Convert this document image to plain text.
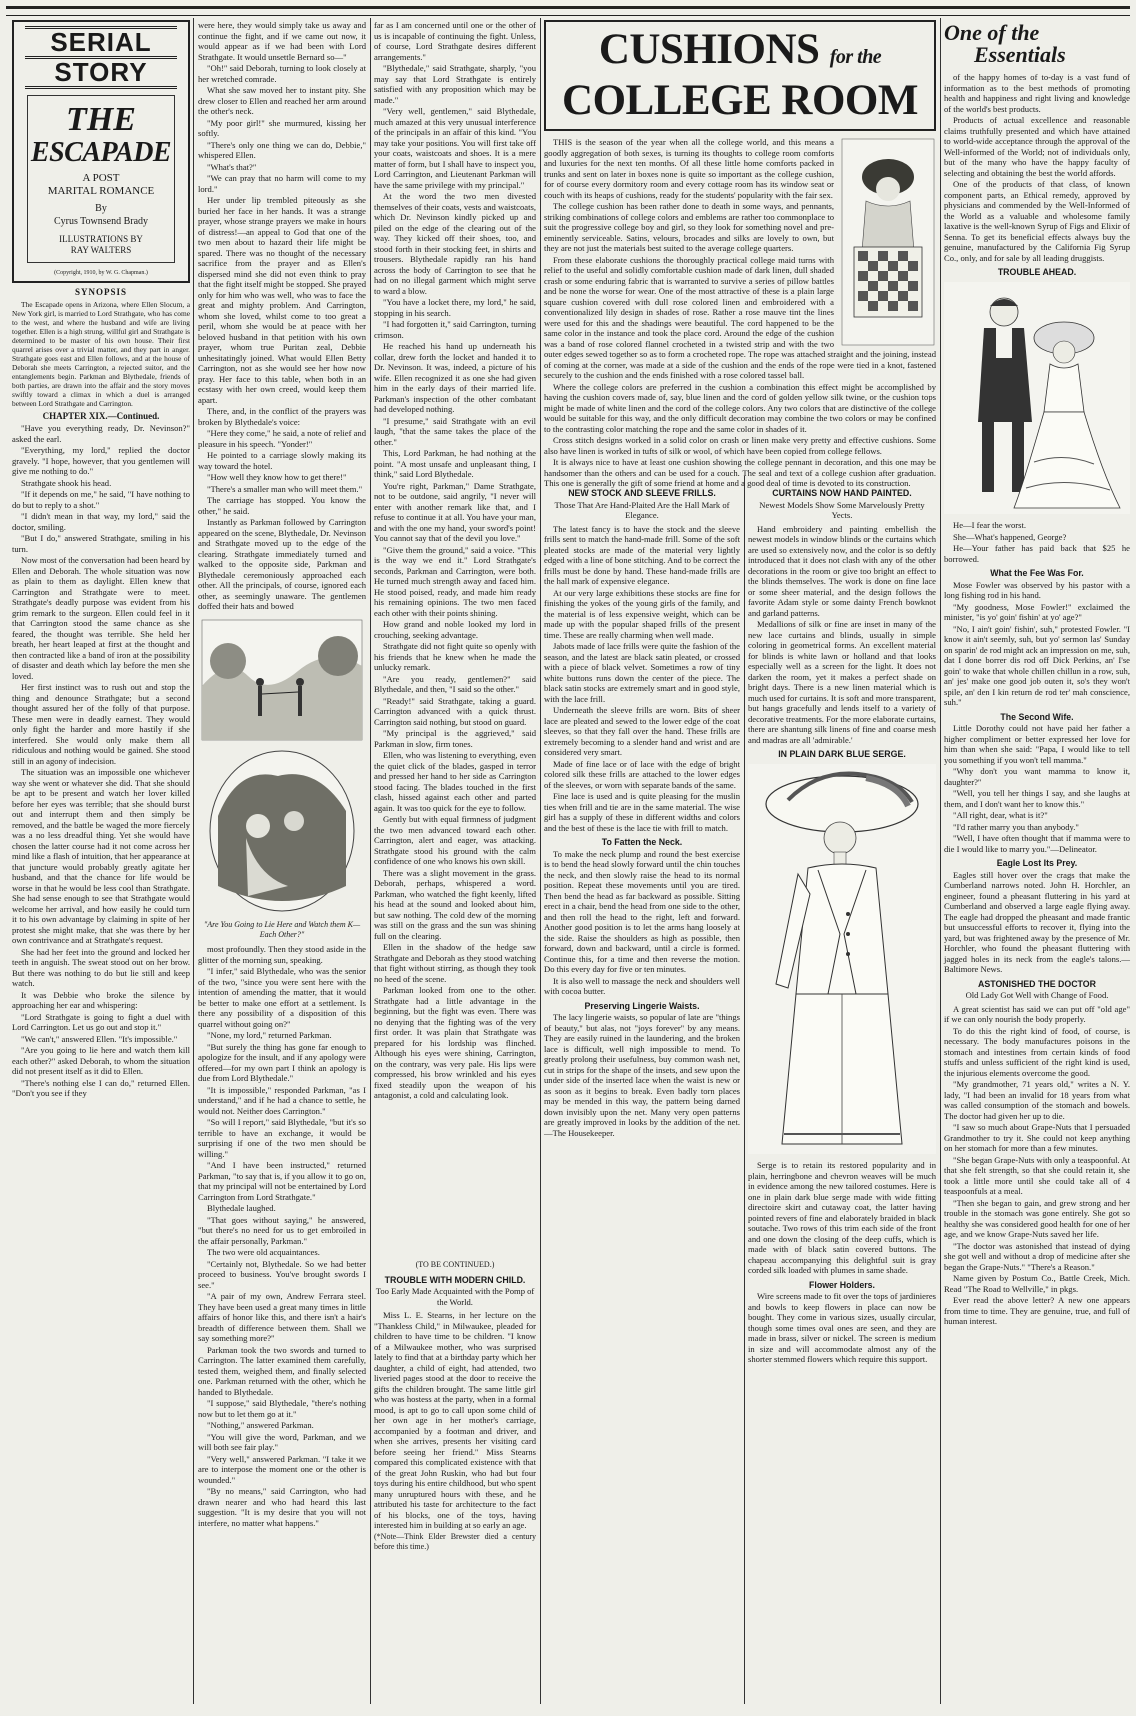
SERIAL
STORY
THE
ESCAPADE
A POST
MARITAL ROMANCE
By
Cyrus Townsend Brady
ILLUSTRATIONS BY
RAY WALTERS
(Copyright, 1910, by W. G. Chapman.)
SYNOPSIS

The Escapade opens in Arizona, where Ellen Slocum, a New York girl, is married to Lord Strathgate, who has come to the west, and where the husband and wife are living together. Ellen is a high strung, willful girl and Strathgate is determined to be master of his own house. Their first quarrel arises over a trivial matter, and they part in anger. Strathgate goes east and Ellen follows, and at the house of Deborah she meets Carrington, a rejected suitor, and the entanglements begin. Parkman and Blythedale, friends of both parties, are drawn into the affair and the story moves swiftly toward a climax in which a duel is arranged between Lord Strathgate and Carrington.

CHAPTER XIX.—Continued.

"Have you everything ready, Dr. Nevinson?" asked the earl.

"Everything, my lord," replied the doctor gravely. "I hope, however, that you gentlemen will give me nothing to do."

Strathgate shook his head.

"If it depends on me," he said, "I have nothing to do but to reply to a shot."

"I didn't mean in that way, my lord," said the doctor, smiling.

"But I do," answered Strathgate, smiling in his turn.

Now most of the conversation had been heard by Ellen and Deborah. The whole situation was now as plain to them as daylight. Ellen knew that Carrington and Strathgate were to meet. Strathgate's deadly purpose was evident from his grim remark to the surgeon. Ellen could feel in it that Carrington stood the same chance as she feared, the thought was terrible. She held her breath, her heart leaped at first at the thought and then contracted like a band of iron at the possibility of disaster and death which lay before the men she loved.

Her first instinct was to rush out and stop the thing and denounce Strathgate; but a second thought assured her of the folly of that purpose. These men were in deadly earnest. They would only fight the harder and more hastily if she interfered. She would only make them all ridiculous and nothing would be gained. She stood still in an agony of indecision.

The situation was an impossible one whichever way she went or whatever she did. That she should be apt to be present and watch her lover killed before her eyes was terrible; that she should burst out and interrupt them and then simply be removed, and the battle be waged the more fiercely was a no less dreadful thing. Yet she would have chosen the latter course had it not come across her mind like a flash of intuition, that her appearance at that juncture would probably greatly agitate her husband, and that the chance for life would be worse in that he would be less cool than Strathgate. She had sense enough to see that Strathgate would welcome her arrival, and how easily he could turn it to his own advantage by claiming in spite of her protest she might make, that she was there by her own contrivance and at Strathgate's request.

She had her feet into the ground and locked her teeth in anguish. The sweat stood out on her brow. But there was nothing to do but lie still and keep watch.

It was Debbie who broke the silence by approaching her ear and whispering:

"Lord Strathgate is going to fight a duel with Lord Carrington. Let us go out and stop it."

"We can't," answered Ellen. "It's impossible."

"Are you going to lie here and watch them kill each other?" asked Deborah, to whom the situation did not present itself as it did to Ellen.

"There's nothing else I can do," returned Ellen. "Don't you see if they

were here, they would simply take us away and continue the fight, and if we came out now, it would appear as if we had been with Lord Strathgate. It would unsettle Bernard so—"

"Oh!" said Deborah, turning to look closely at her wretched comrade.

What she saw moved her to instant pity. She drew closer to Ellen and reached her arm around the other's neck.

"My poor girl!" she murmured, kissing her softly.

"There's only one thing we can do, Debbie," whispered Ellen.

"What's that?"

"We can pray that no harm will come to my lord."

Her under lip trembled piteously as she buried her face in her hands. It was a strange prayer, whose strange prayers we make in hours of distress!—an appeal to God that one of the two men about to hazard their life might be spared. There was no thought of the necessary sacrifice from the prayer and as Ellen's dispersed mind she did not even think to pray that the fight itself might be stopped. She prayed only for him who was well, who was to face the great and mighty problem. And Carrington, whom she loved, whilst come to too great a peril, whom she would be at peace with her beloved husband in that petition with his own prayer, whom true Puritan zeal, Debbie unhesitatingly joined. What would Ellen Betty Carrington, not as she would see her how now pray. Her face to this table, when both in an ecstasy with her own creed, would keep them apart.

There, and, in the conflict of the prayers was broken by Blythedale's voice:

"Here they come," he said, a note of relief and pleasure in his speech. "Yonder!"

He pointed to a carriage slowly making its way toward the hotel.

"How well they know how to get there!"

"There's a smaller man who will meet them."

The carriage has stopped. You know the other," he said.

Instantly as Parkman followed by Carrington appeared on the scene, Blythedale, Dr. Nevinson and Strathgate moved up to the edge of the clearing. Strathgate immediately turned and walked to the opposite side, Parkman and Blythedale ceremoniously approached each other. All the principals, of course, ignored each other, as seemingly unaware. The gentlemen doffed their hats and bowed

"Are You Going to Lie Here and Watch them K— Each Other?"

most profoundly. Then they stood aside in the glitter of the morning sun, speaking.

"I infer," said Blythedale, who was the senior of the two, "since you were sent here with the intention of amending the matter, that it would be better to make one effort at a settlement. Is there any possibility of a disposition of this quarrel without going on?"

"None, my lord," returned Parkman.

"But surely the thing has gone far enough to apologize for the insult, and if any apology were offered—for my own part I think an apology is due from Lord Blythedale."

"It is impossible," responded Parkman, "as I understand," and if he had a chance to settle, he would not. Neither does Carrington."

"So will I report," said Blythedale, "but it's so terrible to have an exchange, it would be surprising if one of the two men should be willing."

"And I have been instructed," returned Parkman, "to say that is, if you allow it to go on, that my principal will not be entertained by Lord Carrington from Lord Strathgate."

Blythedale laughed.

"That goes without saying," he answered, "but there's no need for us to get embroiled in the affair personally, Parkman."

The two were old acquaintances.

"Certainly not, Blythedale. So we had better proceed to business. You've brought swords I see."

"A pair of my own, Andrew Ferrara steel. They have been used a great many times in little affairs of honor like this, and there isn't a hair's breadth of difference between them. Shall we say something more?"

Parkman took the two swords and turned to Carrington. The latter examined them carefully, tested them, weighed them, and finally selected one. Parkman returned with the other, which he handed to Blythedale.

"I suppose," said Blythedale, "there's nothing now but to let them go at it."

"Nothing," answered Parkman.

"You will give the word, Parkman, and we will both see fair play."

"Very well," answered Parkman. "I take it we are to interpose the moment one or the other is wounded."

"By no means," said Carrington, who had drawn nearer and who had heard this last suggestion. "It is my desire that you will not interfere, no matter what happens."

far as I am concerned until one or the other of us is incapable of continuing the fight. Unless, of course, Lord Strathgate desires different arrangements."

"Blythedale," said Strathgate, sharply, "you may say that Lord Strathgate is entirely satisfied with any proposition which may be made."

"Very well, gentlemen," said Blythedale, much amazed at this very unusual interference of the principals in an affair of this kind. "You may take your positions. You will first take off your coats, waistcoats and shoes. It is a mere matter of form, but I shall have to inspect you, Lord Carrington, and Lieutenant Parkman will have the same privilege with my principal."

At the word the two men divested themselves of their coats, vests and waistcoats, which Dr. Nevinson kindly picked up and piled on the edge of the clearing out of the way. They kicked off their shoes, too, and stood forth in their stocking feet, in shirts and trousers. Blythedale rapidly ran his hand across the body of Carrington to see that he had on no illegal garment which might serve to ward a blow.

"You have a locket there, my lord," he said, stopping in his search.

"I had forgotten it," said Carrington, turning crimson.

He reached his hand up underneath his collar, drew forth the locket and handed it to Dr. Nevinson. It was, indeed, a picture of his wife. Ellen recognized it as one she had given him in the early days of their married life. Parkman's inspection of the other combatant had developed nothing.

"I presume," said Strathgate with an evil laugh, "that the same takes the place of the other."

This, Lord Parkman, he had nothing at the point. "A most unsafe and unpleasant thing, I think," said Lord Blythedale.

You're right, Parkman," Dame Strathgate, not to be outdone, said angrily, "I never will enter with another remark like that, and I refuse to continue it at all. You have your man, and with the one my hand, your sword's point! You cannot say that of the devil you love."

"Give them the ground," said a voice. "This is the way we end it." Lord Strathgate's seconds, Parkman and Carrington, were both. He turned much strength away and faced him. He stood poised, ready, and made him ready his remaining opinions. The two men faced each other with their points shining.

How grand and noble looked my lord in crouching, seeking advantage.

Strathgate did not fight quite so openly with his friends that he knew when he made the unlucky remark.

"Are you ready, gentlemen?" said Blythedale, and then, "I said so the other."

"Ready!" said Strathgate, taking a guard. Carrington advanced with a quick thrust. Carrington said nothing, but stood on guard.

"My principal is the aggrieved," said Parkman in slow, firm tones.

Ellen, who was listening to everything, even the quiet click of the blades, gasped in terror and pressed her hand to her side as Carrington stood facing. The blades touched in the first clash, hissed against each other and parted again. It was too quick for the eye to follow.

Gently but with equal firmness of judgment the two men advanced toward each other. Carrington, alert and eager, was attacking. Strathgate stood his ground with the calm confidence of one who knows his own skill.

There was a slight movement in the grass. Deborah, perhaps, whispered a word. Parkman, who watched the fight keenly, lifted his head at the sound and looked about him, but saw nothing. The cold dew of the morning was still on the grass and the sun was shining full on the clearing.

Ellen in the shadow of the hedge saw Strathgate and Deborah as they stood watching that fight without stirring, as though they took no heed of the scene.

Parkman looked from one to the other. Strathgate had a little advantage in the beginning, but the fight was even. There was no denying that the fighting was of the very first order. It was plain that Strathgate was prepared for his lordship was flinched. Although his eyes were shining, Carrington, on the contrary, was very pale. His lips were compressed, his brow wrinkled and his eyes fixed steadily upon the weapon of his antagonist, a cold and calculating look.

(TO BE CONTINUED.)
TROUBLE WITH MODERN CHILD.
Too Early Made Acquainted with the Pomp of the World.

Miss L. E. Stearns, in her lecture on the "Thankless Child," in Milwaukee, pleaded for children to have time to be children. "I know of a Milwaukee mother, who was surprised lately to find that at a birthday party which her daughter, a child of eight, had attended, two liveried pages stood at the door to receive the gifts the children brought. The same little girl who was hostess at the party, when in a formal mood, is apt to go to call upon some child of her own age in her mother's carriage, accompanied by a footman and driver, and when she arrives, presents her visiting card before seeing her friend." Miss Stearns compared this complicated existence with that of the great John Ruskin, who had but four toys during his entire childhood, but who spent many unruptured hours with these, and he attributed his taste for architecture to the fact of his blocks, one of the toys, having interested him in building at so early an age.

(*Note—Think Elder Brewster died a century before this time.)

CUSHIONS for the
COLLEGE ROOM

THIS is the season of the year when all the college world, and this means a goodly aggregation of both sexes, is turning its thoughts to college room comforts and luxuries for the next ten months. Of all these little home comforts packed in trunks and sent on later in boxes none is quite so important as the college cushion, for of course every dormitory room and every cottage room has its window seat or couch with its heaps of cushions, ready for the students' popularity with the fair sex.

The college cushion has been rather done to death in some ways, and pennants, striking combinations of college colors and emblems are rather too commonplace to suit the progressive college boy and girl, so they look for something novel and pre-eminently serviceable. Satins, velours, brocades and silks are lovely to own, but they are not just the materials best suited to the average college quarters.

From these elaborate cushions the thoroughly practical college maid turns with relief to the useful and solidly comfortable cushion made of dark linen, dull shaded crash or some enduring fabric that is warranted to survive a series of pillow battles and be none the worse for wear. One of the most attractive of these is a plain large square cushion covered with dull rose colored linen and embroidered with a conventionalized lily design in shades of rose. Rather a rose mauve tint the lines were used for this and the shadings were beautiful. The cord happened to be the same color in the instance and took the place cord. Around the edge of the cushion was a band of rose colored flannel crocheted in a twisted strip and with the two outer edges sewed together so as to form a crocheted rope. The rope was attached straight and the joining, instead of coming at the corner, was made at a side of the cushion and the ends of the rope were tied in a knot, fastened securely to the cushion and the ends finished with a rose colored tassel ball.

Where the college colors are preferred in the cushion a combination this effect might be accomplished by having the cushion covers made of, say, blue linen and the cord of golden yellow silk twine, or the cushion tops might be made of white linen and the cord of the college colors. Any two colors that are distinctive of the college would be suitable for this way, and the only difficult decoration may combine the two colors or may be confined to the contrasting color matching the rope and the same color in shades of it.

Cross stitch designs worked in a solid color on crash or linen make very pretty and effective cushions. Some also have linen is worked in tufts of silk or wool, of which have been copied from college fellows.

It is always nice to have at least one cushion showing the college pennant in decoration, and this one may be handsomer than the others and can be used for a couch. The seal and text of a college cushion after graduation. This one is generally the gift of some friend at home and a good deal of time is devoted to its construction.

NEW STOCK AND SLEEVE FRILLS.
Those That Are Hand-Plaited Are the Hall Mark of Elegance.

The latest fancy is to have the stock and the sleeve frills sent to match the hand-made frill. Some of the soft pleated stocks are made of the material very lightly edged with a line of bone stitching. And to be correct the frills must be done by hand. These hand-made frills are the hall mark of expensive elegance.

At our very large exhibitions these stocks are fine for finishing the yokes of the young girls of the family, and the material is of less expensive weight, which can be made up with the popular shaped frills of the present time. These are really charming when well made.

Jabots made of lace frills were quite the fashion of the season, and the latest are black satin pleated, or crossed with a piece of black velvet. Sometimes a row of tiny white buttons runs down the center of the piece. The black satin stocks are extremely smart and in good style, with the lace frill.

Underneath the sleeve frills are worn. Bits of sheer lace are pleated and sewed to the lower edge of the coat sleeves, so that they fall over the hand. These frills are extremely becoming to a slender hand and wrist and are considered very smart.

Made of fine lace or of lace with the edge of bright colored silk these frills are attached to the lower edges of the sleeves, or worn with separate bands of the same.

Fine lace is used and is quite pleasing for the muslin ties when frill and tie are in the same material. The wise girl has a supply of these in different widths and colors and the best of these is the lace tie with frill to match.

To Fatten the Neck.

To make the neck plump and round the best exercise is to bend the head slowly forward until the chin touches the neck, and then slowly raise the head to its normal position. Repeat these movements until you are tired. Then bend the head as far backward as possible. Sitting erect in a chair, bend the head from one side to the other, and then roll the head to the right, left and forward. Another good position is to let the arms hang loosely at the side. Raise the shoulders as high as possible, then forward, down and backward, until a circle is formed. Continue this, for a time and then reverse the motion. Do this every day for five or ten minutes.

It is also well to massage the neck and shoulders well with cocoa butter.

Preserving Lingerie Waists.

The lacy lingerie waists, so popular of late are "things of beauty," but alas, not "joys forever" by any means. They are easily ruined in the laundering, and the broken lace is difficult, well nigh impossible to mend. To greatly prolong their usefulness, buy common wash net, cut in strips for the shape of the insets, and sew upon the under side of the inserted lace when the waist is new or as soon as it begins to break. Even badly torn places may be mended in this way, the pattern being darned down invisibly upon the net. Many very open patterns are greatly improved in looks by the addition of the net.—The Housekeeper.

CURTAINS NOW HAND PAINTED.
Newest Models Show Some Marvelously Pretty Yects.

Hand embroidery and painting embellish the newest models in window blinds or the curtains which are used so extensively now, and the color is so deftly introduced that it does not clash with any of the other decorations in the room or give too bright an effect to the blinds themselves. The work is done on fine lace or some sheer material, and the design follows the favorite Adam style or some dainty French bowknot and garland patterns.

Medallions of silk or fine are inset in many of the new lace curtains and blinds, usually in simple coloring in geometrical forms. An excellent material for blinds is white lawn or holland and that looks especially well as a screen for the light. It does not darken the room, yet it makes a perfect shade on bright days. There is a new linen material which is much used for curtains. It is soft and more transparent, but hangs gracefully and lends itself to a variety of decorative treatments. For the more elaborate curtains, there are shantung silk linens of fine and coarse mesh and madras are all 'admirable.'

IN PLAIN DARK BLUE SERGE.

Serge is to retain its restored popularity and in plain, herringbone and chevron weaves will be much in evidence among the new tailored costumes. Here is one in plain dark blue serge made with wide fitting directoire skirt and cutaway coat, the latter having pointed revers of fine and elaborately braided in black soutache. Two rows of this trim each side of the front and one down the closing of the deep cuffs, which is made with of black satin covered buttons. The chapeau accompanying this delightful suit is gray corded silk loaded with plumes in same shade.

Flower Holders.

Wire screens made to fit over the tops of jardinieres and bowls to keep flowers in place can now be bought. They come in various sizes, usually circular, though some times oval ones are seen, and they are made in brass, silver or nickel. The screen is medium in size and will accommodate almost any of the shorter stemmed flowers which require this support.

One of the
Essentials

of the happy homes of to-day is a vast fund of information as to the best methods of promoting health and happiness and right living and knowledge of the world's best products.

Products of actual excellence and reasonable claims truthfully presented and which have attained to world-wide acceptance through the approval of the Well-informed of the World; not of individuals only, but of the many who have the happy faculty of selecting and obtaining the best the world affords.

One of the products of that class, of known component parts, an Ethical remedy, approved by physicians and commended by the Well-Informed of the World as a valuable and wholesome family laxative is the well-known Syrup of Figs and Elixir of Senna. To get its beneficial effects always buy the genuine, manufactured by the California Fig Syrup Co., only, and for sale by all leading druggists.

TROUBLE AHEAD.

He—I fear the worst.

She—What's happened, George?

He—Your father has paid back that $25 he borrowed.

What the Fee Was For.

Mose Fowler was observed by his pastor with a long fishing rod in his hand.

"My goodness, Mose Fowler!" exclaimed the minister, "is yo' goin' fishin' at yo' age?"

"No, I ain't goin' fishin', suh," protested Fowler. "I know it ain't seemly, suh, but yo' sermon las' Sunday on sparin' de rod might ack an impression on me, suh, dat I done borrer dis rod off Dick Perkins, an' I'se goin' to wake that whole chillen chillun in a row, suh, an' jes' make one good job outen it, so's they won't spile, an' den I kin return de rod ter' mah conscience, suh."

The Second Wife.

Little Dorothy could not have paid her father a higher compliment or better expressed her love for him than when she said: "Papa, I would like to tell you something if you won't tell mamma."

"Why don't you want mamma to know it, daughter?"

"Well, you tell her things I say, and she laughs at them, and I don't want her to know this."

"All right, dear, what is it?"

"I'd rather marry you than anybody."

"Well, I have often thought that if mamma were to die I would like to marry you."—Delineator.

Eagle Lost Its Prey.

Eagles still hover over the crags that make the Cumberland narrows noted. John H. Horchler, an engineer, found a pheasant fluttering in his yard at Cumberland and observed a large eagle flying away. The eagle had dropped the pheasant and made frantic but unsuccessful efforts to recover it, flying into the yard, but was frightened away by the presence of Mr. Horchler, who found the pheasant fluttering with jagged holes in its neck from the eagle's talons.—Baltimore News.

ASTONISHED THE DOCTOR
Old Lady Got Well with Change of Food.

A great scientist has said we can put off "old age" if we can only nourish the body properly.

To do this the right kind of food, of course, is necessary. The body manufactures poisons in the stomach and intestines from certain kinds of food stuffs and unless sufficient of the right kind is used, the injurious elements overcome the good.

"My grandmother, 71 years old," writes a N. Y. lady, "I had been an invalid for 18 years from what was called consumption of the stomach and bowels. The doctor had given her up to die.

"I saw so much about Grape-Nuts that I persuaded Grandmother to try it. She could not keep anything on her stomach for more than a few minutes.

"She began Grape-Nuts with only a teaspoonful. At that she felt strength, so that she could retain it, she took a little more until she could take all of 4 teaspoonfuls at a meal.

"Then she began to gain, and grew strong and her trouble in the stomach was gone entirely. She got so healthy she was considered good health for one of her age, and we know Grape-Nuts saved her life.

"The doctor was astonished that instead of dying she got well and without a drop of medicine after she began the Grape-Nuts." "There's a Reason."

Name given by Postum Co., Battle Creek, Mich. Read "The Road to Wellville," in pkgs.

Ever read the above letter? A new one appears from time to time. They are genuine, true, and full of human interest.
